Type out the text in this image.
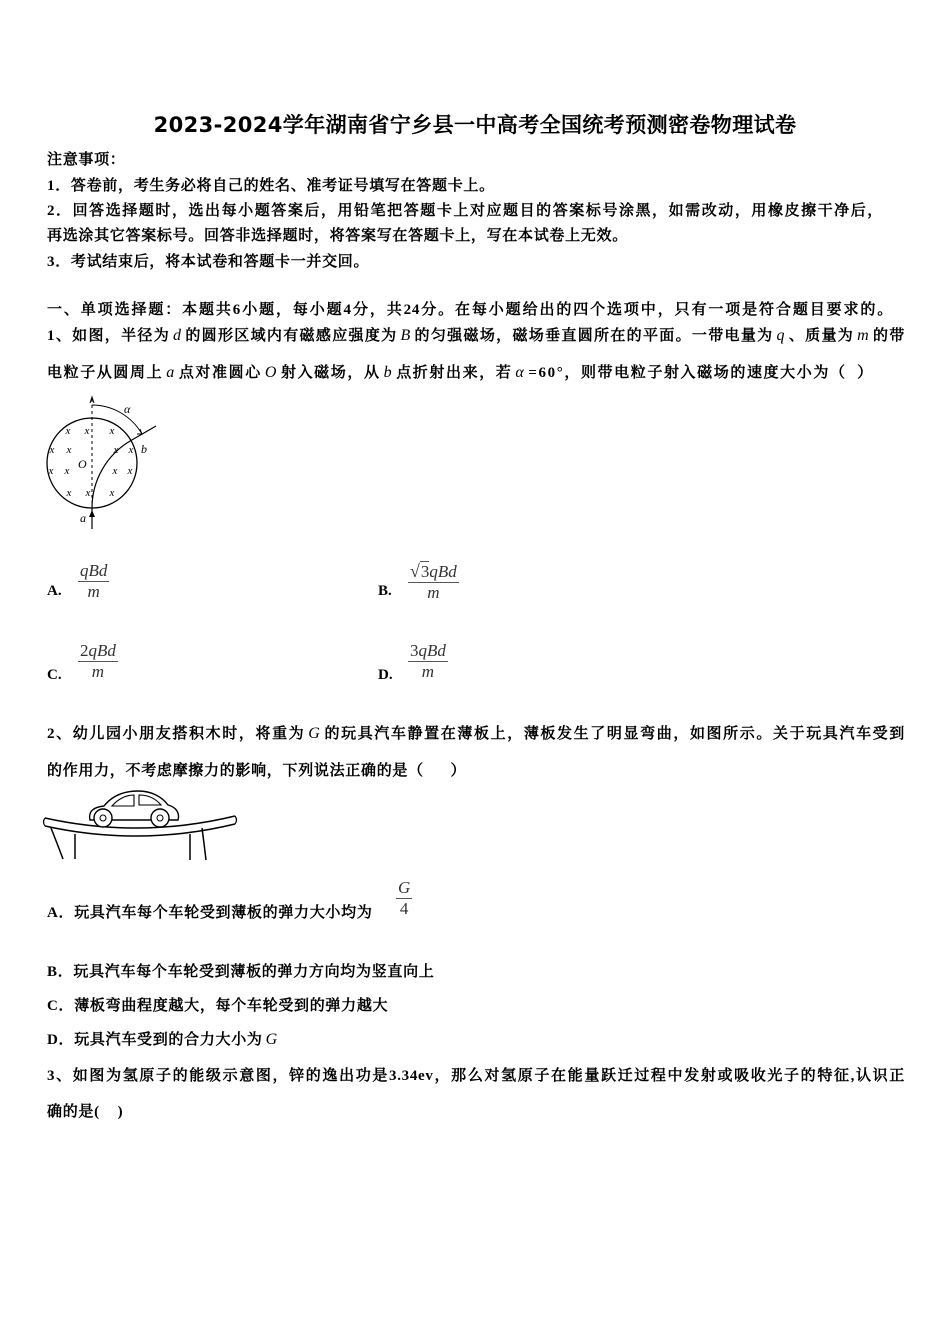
2023-2024学年湖南省宁乡县一中高考全国统考预测密卷物理试卷
注意事项：
1．答卷前，考生务必将自己的姓名、准考证号填写在答题卡上。
2．回答选择题时，选出每小题答案后，用铅笔把答题卡上对应题目的答案标号涂黑，如需改动，用橡皮擦干净后，
再选涂其它答案标号。回答非选择题时，将答案写在答题卡上，写在本试卷上无效。
3．考试结束后，将本试卷和答题卡一并交回。
一、单项选择题：本题共6小题，每小题4分，共24分。在每小题给出的四个选项中，只有一项是符合题目要求的。
1、如图，半径为 d 的圆形区域内有磁感应强度为 B 的匀强磁场，磁场垂直圆所在的平面。一带电量为 q 、质量为 m 的带
电粒子从圆周上 a 点对准圆心 O 射入磁场，从 b 点折射出来，若 α =60°，则带电粒子射入磁场的速度大小为（  ）
α
b
O
a
x x x
x x	x x
x x	x x
x x x
A.
qBd
m	B.
√3qBd
m
C.
2qBd
m	D.
3qBd
m
2、幼儿园小朋友搭积木时，将重为 G 的玩具汽车静置在薄板上，薄板发生了明显弯曲，如图所示。关于玩具汽车受到
的作用力，不考虑摩擦力的影响，下列说法正确的是（      ）
A．玩具汽车每个车轮受到薄板的弹力大小均为
G
4
B．玩具汽车每个车轮受到薄板的弹力方向均为竖直向上
C．薄板弯曲程度越大，每个车轮受到的弹力越大
D．玩具汽车受到的合力大小为 G
3、如图为氢原子的能级示意图，锌的逸出功是3.34ev，那么对氢原子在能量跃迁过程中发射或吸收光子的特征,认识正
确的是(    )
